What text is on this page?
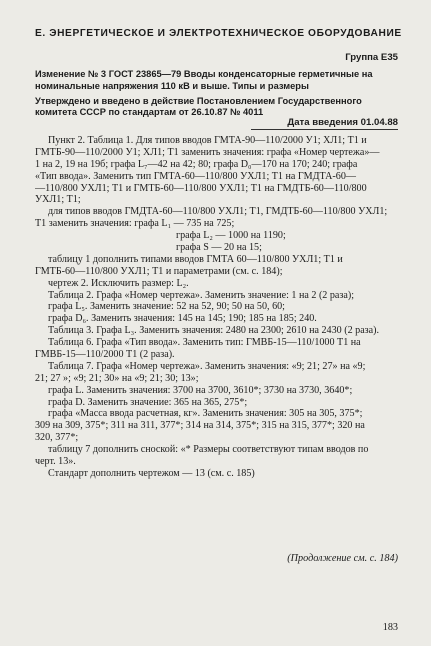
Е. ЭНЕРГЕТИЧЕСКОЕ И ЭЛЕКТРОТЕХНИЧЕСКОЕ ОБОРУДОВАНИЕ
Группа Е35
Изменение № 3 ГОСТ 23865—79 Вводы конденсаторные герметичные на номинальные напряжения 110 кВ и выше. Типы и размеры
Утверждено и введено в действие Постановлением Государственного комитета СССР по стандартам от 26.10.87 № 4011
Дата введения 01.04.88
Пункт 2. Таблица 1. Для типов вводов ГМТА-90—110/2000 У1; ХЛ1; Т1 и
ГМТБ-90—110/2000 У1; ХЛ1; Т1 заменить значения: графа «Номер чертежа»—
1 на 2, 19 на 19б; графа L₇—42 на 42; 80; графа D₀—170 на 170; 240; графа
«Тип ввода». Заменить тип ГМТА-60—110/800 УХЛ1; Т1 на ГМДТА-60—
—110/800 УХЛ1; Т1 и ГМТБ-60—110/800 УХЛ1; Т1 на ГМДТБ-60—110/800
УХЛ1; Т1;
для типов вводов ГМДТА-60—110/800 УХЛ1; Т1, ГМДТБ-60—110/800 УХЛ1;
Т1 заменить значения: графа L₁ — 735 на 725;
графа L₂ — 1000 на 1190;
графа S — 20 на 15;
таблицу 1 дополнить типами вводов ГМТА 60—110/800 УХЛ1; Т1 и
ГМТБ-60—110/800 УХЛ1; Т1 и параметрами (см. с. 184);
чертеж 2. Исключить размер: L₂.
Таблица 2. Графа «Номер чертежа». Заменить значение: 1 на 2 (2 раза);
графа L₅. Заменить значение: 52 на 52, 90; 50 на 50, 60;
графа D₆. Заменить значения: 145 на 145; 190; 185 на 185; 240.
Таблица 3. Графа L₃. Заменить значения: 2480 на 2300; 2610 на 2430 (2 раза).
Таблица 6. Графа «Тип ввода». Заменить тип: ГМВБ-15—110/1000 Т1 на
ГМВБ-15—110/2000 Т1 (2 раза).
Таблица 7. Графа «Номер чертежа». Заменить значения: «9; 21; 27» на «9;
21; 27 »; «9; 21; 30» на «9; 21; 30; 13»;
графа L. Заменить значения: 3700 на 3700, 3610*; 3730 на 3730, 3640*;
графа D. Заменить значение: 365 на 365, 275*;
графа «Масса ввода расчетная, кг». Заменить значения: 305 на 305, 375*;
309 на 309, 375*; 311 на 311, 377*; 314 на 314, 375*; 315 на 315, 377*; 320 на
320, 377*;
таблицу 7 дополнить сноской: «* Размеры соответствуют типам вводов по
черт. 13».
Стандарт дополнить чертежом — 13 (см. с. 185)
(Продолжение см. с. 184)
183
